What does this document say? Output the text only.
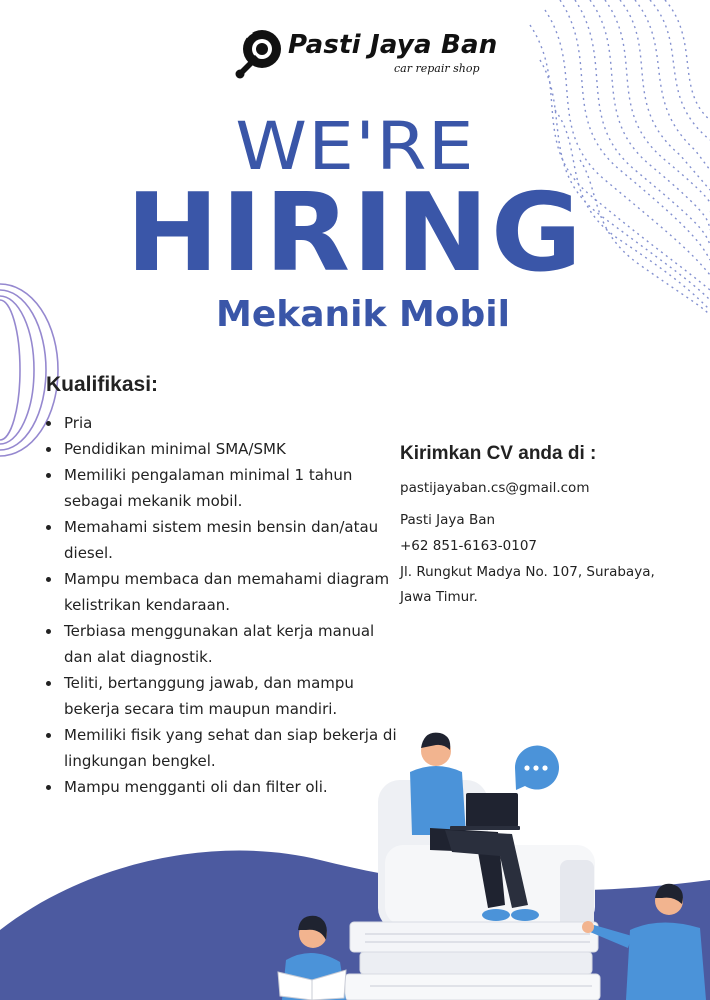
Pasti Jaya Ban
car repair shop
WE'RE
HIRING
Mekanik Mobil
Kualifikasi:
• Pria
• Pendidikan minimal SMA/SMK
• Memiliki pengalaman minimal 1 tahun sebagai mekanik mobil.
• Memahami sistem mesin bensin dan/atau diesel.
• Mampu membaca dan memahami diagram kelistrikan kendaraan.
• Terbiasa menggunakan alat kerja manual dan alat diagnostik.
• Teliti, bertanggung jawab, dan mampu bekerja secara tim maupun mandiri.
• Memiliki fisik yang sehat dan siap bekerja di lingkungan bengkel.
• Mampu mengganti oli dan filter oli.
Kirimkan CV anda di :
pastijayaban.cs@gmail.com
Pasti Jaya Ban
+62 851-6163-0107
Jl. Rungkut Madya No. 107, Surabaya,
Jawa Timur.
